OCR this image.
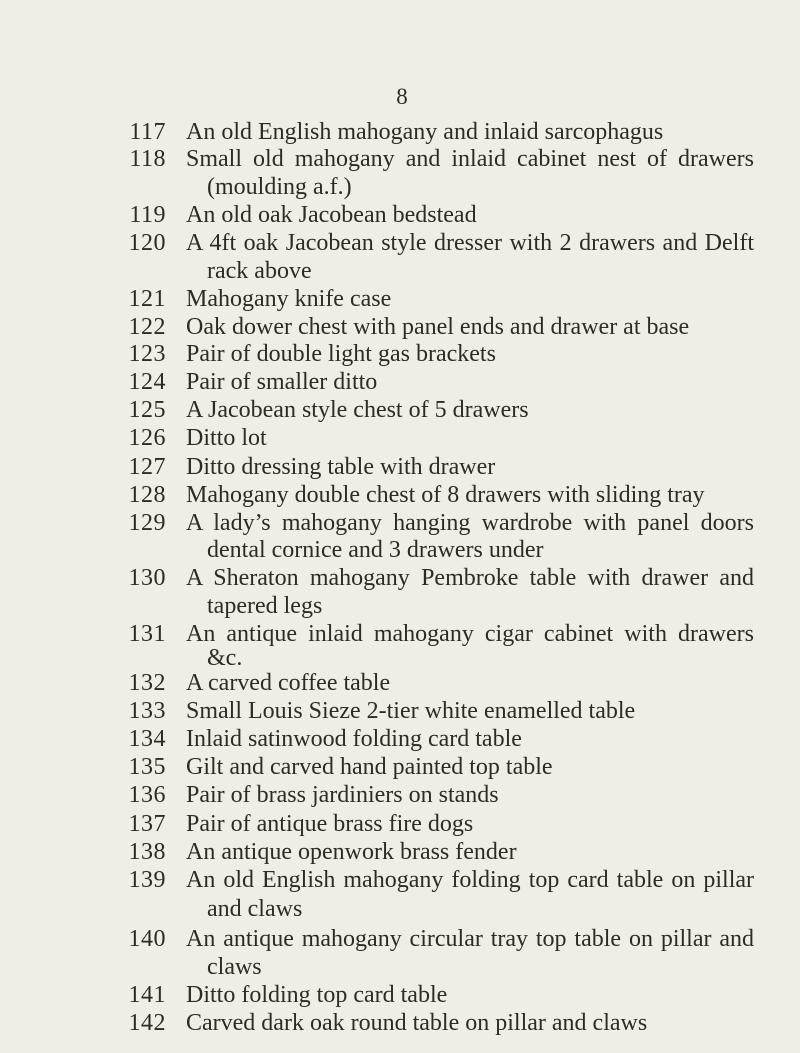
8
117 An old English mahogany and inlaid sarcophagus
118 Small old mahogany and inlaid cabinet nest of drawers
(moulding a.f.)
119 An old oak Jacobean bedstead
120 A 4ft oak Jacobean style dresser with 2 drawers and Delft
rack above
121 Mahogany knife case
122 Oak dower chest with panel ends and drawer at base
123 Pair of double light gas brackets
124 Pair of smaller ditto
125 A Jacobean style chest of 5 drawers
126 Ditto lot
127 Ditto dressing table with drawer
128 Mahogany double chest of 8 drawers with sliding tray
129 A lady’s mahogany hanging wardrobe with panel doors
dental cornice and 3 drawers under
130 A Sheraton mahogany Pembroke table with drawer and
tapered legs
131 An antique inlaid mahogany cigar cabinet with drawers
&c.
132 A carved coffee table
133 Small Louis Sieze 2-tier white enamelled table
134 Inlaid satinwood folding card table
135 Gilt and carved hand painted top table
136 Pair of brass jardiniers on stands
137 Pair of antique brass fire dogs
138 An antique openwork brass fender
139 An old English mahogany folding top card table on pillar
and claws
140 An antique mahogany circular tray top table on pillar and
claws
141 Ditto folding top card table
142 Carved dark oak round table on pillar and claws
